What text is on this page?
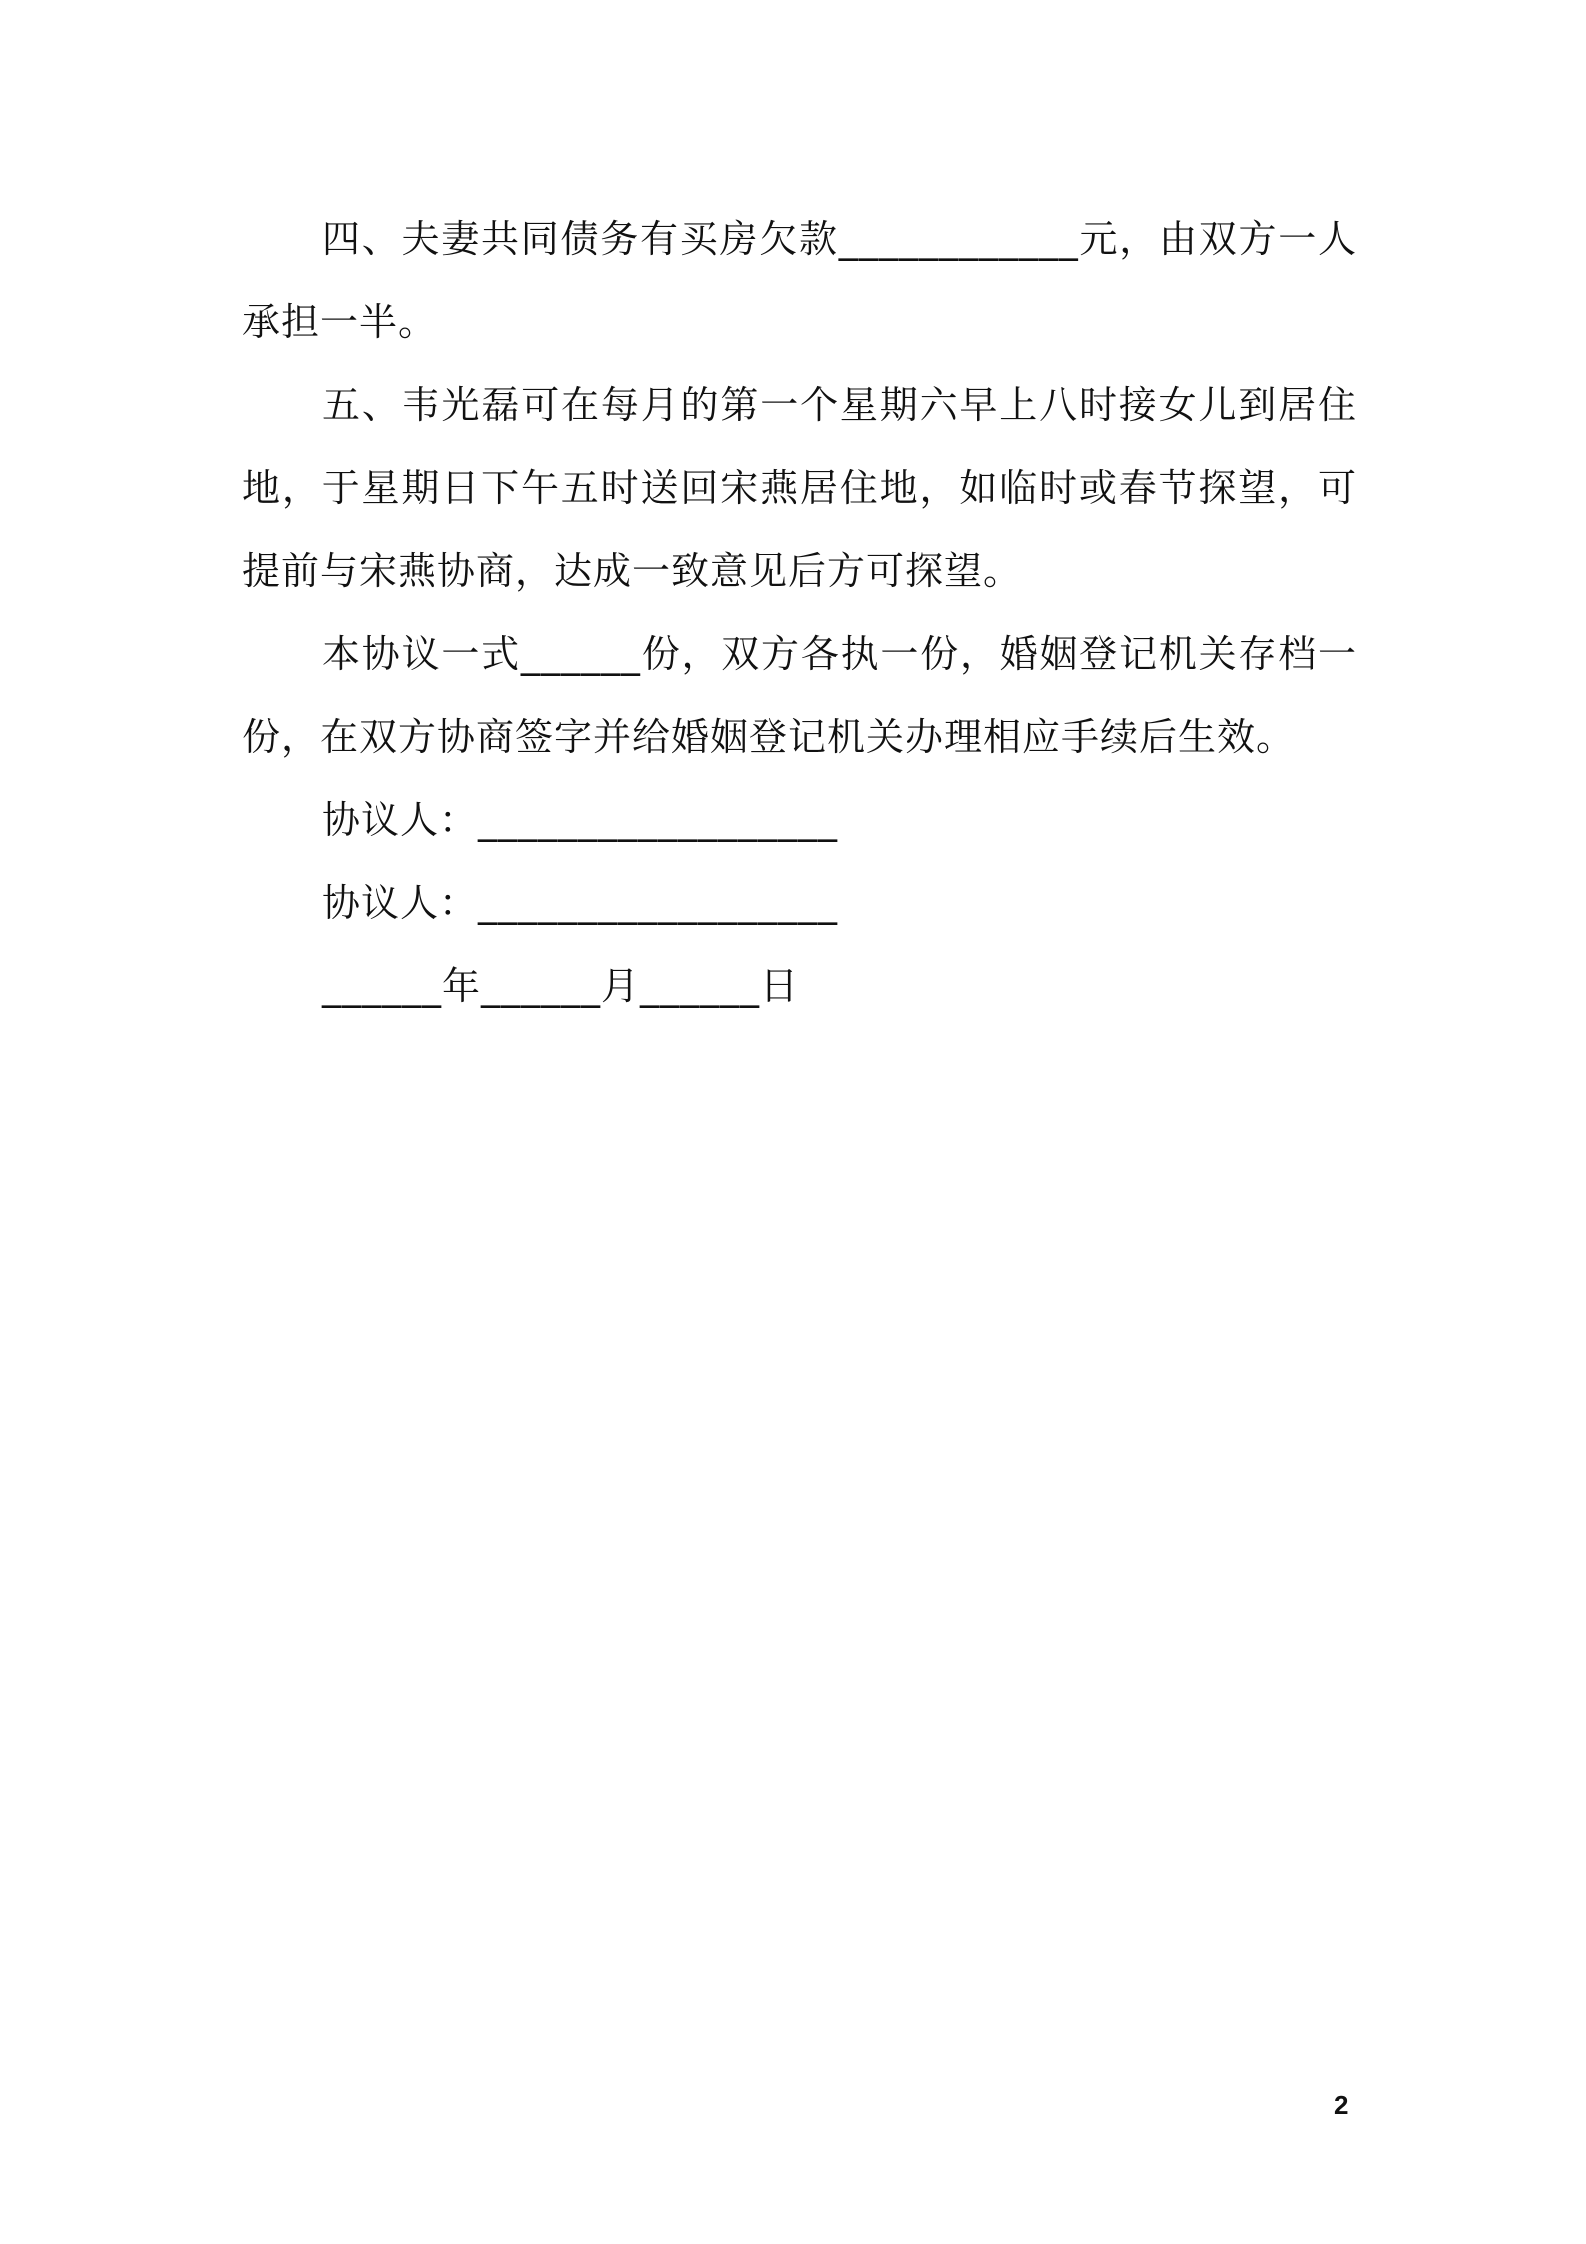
四、夫妻共同债务有买房欠款____________元，由双方一人承担一半。

五、韦光磊可在每月的第一个星期六早上八时接女儿到居住地，于星期日下午五时送回宋燕居住地，如临时或春节探望，可提前与宋燕协商，达成一致意见后方可探望。

本协议一式______份，双方各执一份，婚姻登记机关存档一份，在双方协商签字并给婚姻登记机关办理相应手续后生效。

协议人：__________________

协议人：__________________

______年______月______日

2
